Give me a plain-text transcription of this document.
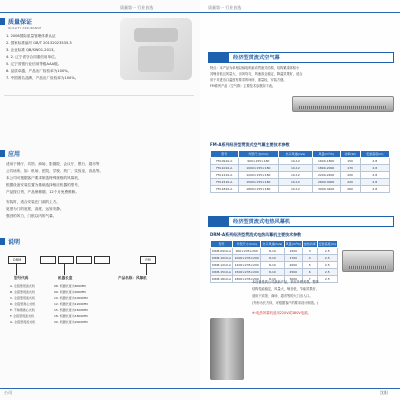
质量第一 行业首选
质量保证
QUALITY ASSURANCE
1. 2008国际质量管理体系认证
2. 国家标准编号 GB/T 20132023535.3
3. 企业标准 QB/SW01-2013。
4. 2. 辽宁省守合同重信用单位。
5. 辽宁省银行业信用等级AAA级。
6. 品质卓越，产品出厂检验率为100%。
7. 中国著名品牌，产品出厂检验率为100%。
应用
适用于餐厅、宾馆、商场、影剧院、会议厅、银行、超市等
公共场所，如：机场、医院、学校、药厂、实验室、食品等。
本公司可根据客户要求制造特殊规格的风幕机，
根据设备安装位置为基础选择相应机器的型号，
产品按订货，产品保修期，12个月免费维修。
安装时，适合安装在门洞的上方。
宽度为门的宽度，高度，运转安静。
强劲的风力，门框以内的气幕。
说明
ORM	FM
型号代码	机器长度	产品名称：风幕机
A. 全铝型贯流式机
B. 全铝型贯流式机
C. 全铝型贯流式机
D. 全铝型离心式机
E. 不锈钢离心式机
F. 全铝型贯流式机
G. 全铝型贯流式机
08. 机器长度为800MM
09. 机器长度为900MM
10. 机器长度为1000MM
12. 机器长度为1200MM
15. 机器长度为1500MM
18. 机器长度为1800MM
20. 机器长度为2000MM
公司
质量第一 行业首选
经济型贯流式空气幕
特点：本产品为单相双轴电机驱动贯流式结构，结构紧凑体积小
其噪音低且风量大，出风均匀，风速高且稳定，降温效果好，适合
用于对进出口温度有要求的场所，重量轻，安装方便。
FM系列产品（空气幕）主要技术参数如下表。
FM-A系列经济型贯流式空气幕主要技术参数
型号	外型尺寸(mm)	出口风速(m/s)	风量(m³/h)	功率(W)	安装高度(m)
FM-0910-A	900×155×180	10-12	1600-1800	150	2.8
FM-1010-A	1000×155×180	10-12	1800-2000	170	2.8
FM-1210-A	1200×155×180	10-12	2200-2400	200	2.8
FM-1510-A	1500×155×180	10-12	2600-3000	220	2.8
FM-1810-A	1800×155×180	10-12	3000-3400	260	2.8
经济型贯流式电热风幕机
DRM-A系列经济型贯流式电热风幕机主要技术参数
型号	外型尺寸(mm)	出口风速(m/s)	风量(m³/h)	加热功率	安装高度(m)
DRM-0910-A	900×235×200	8-10	1500	3	2.5
DRM-1010-A	1000×235×200	8-10	1700	4	2.5
DRM-1210-A	1200×235×200	8-10	2000	5	2.5
DRM-1510-A	1500×235×200	8-10	2500	6	2.5
DRM-1810-A	1800×235×200	8-10	3000	7	2.5
本设备是我公司最新产品，采用外观美观，整体
结构性能稳定，风量大，噪音低，节能效果好，
适用于宾馆、商场、超市等的大门出入口。
(外形为长方体，可根据客户的要求设计制造。)
※:电热风幕机适用220V或380V电源。
沈阳
